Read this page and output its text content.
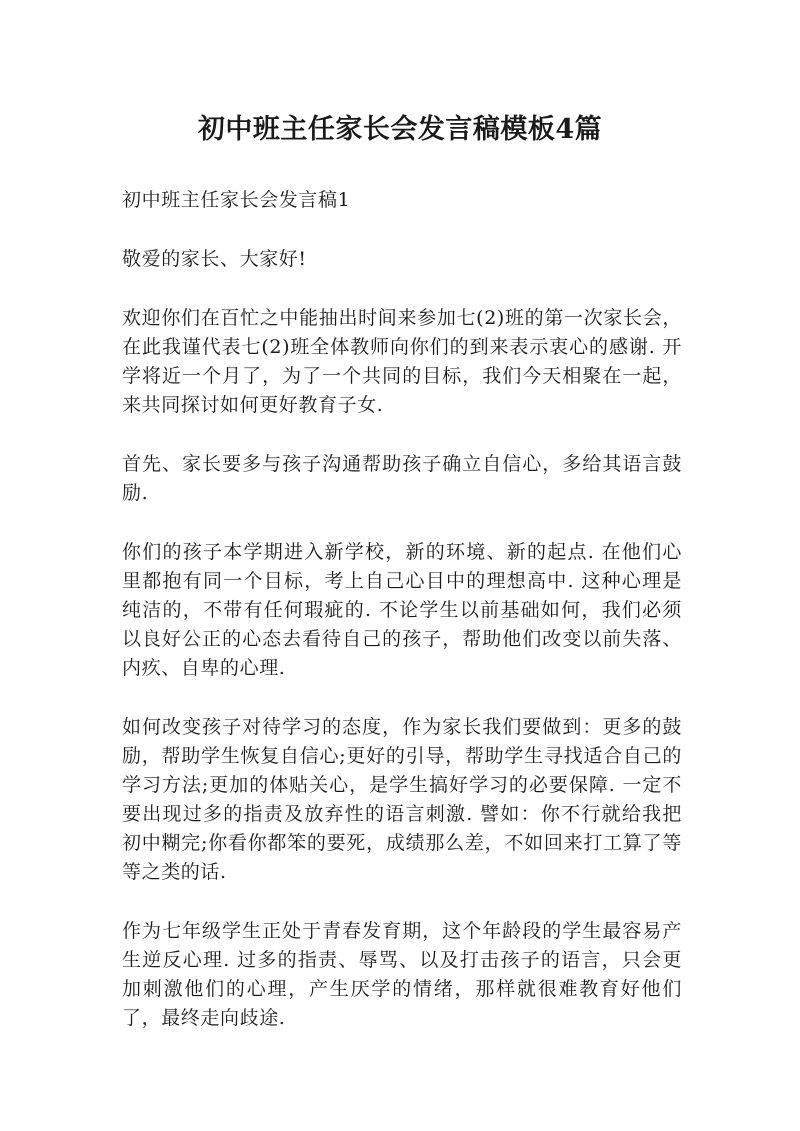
初中班主任家长会发言稿模板4篇

初中班主任家长会发言稿1

敬爱的家长、大家好!

欢迎你们在百忙之中能抽出时间来参加七(2)班的第一次家长会，在此我谨代表七(2)班全体教师向你们的到来表示衷心的感谢. 开学将近一个月了，为了一个共同的目标，我们今天相聚在一起，来共同探讨如何更好教育子女.

首先、家长要多与孩子沟通帮助孩子确立自信心，多给其语言鼓励.

你们的孩子本学期进入新学校，新的环境、新的起点. 在他们心里都抱有同一个目标，考上自己心目中的理想高中. 这种心理是纯洁的，不带有任何瑕疵的. 不论学生以前基础如何，我们必须以良好公正的心态去看待自己的孩子，帮助他们改变以前失落、内疚、自卑的心理.

如何改变孩子对待学习的态度，作为家长我们要做到：更多的鼓励，帮助学生恢复自信心;更好的引导，帮助学生寻找适合自己的学习方法;更加的体贴关心，是学生搞好学习的必要保障. 一定不要出现过多的指责及放弃性的语言刺激. 譬如：你不行就给我把初中糊完;你看你都笨的要死，成绩那么差，不如回来打工算了等等之类的话.

作为七年级学生正处于青春发育期，这个年龄段的学生最容易产生逆反心理. 过多的指责、辱骂、以及打击孩子的语言，只会更加刺激他们的心理，产生厌学的情绪，那样就很难教育好他们了，最终走向歧途.
